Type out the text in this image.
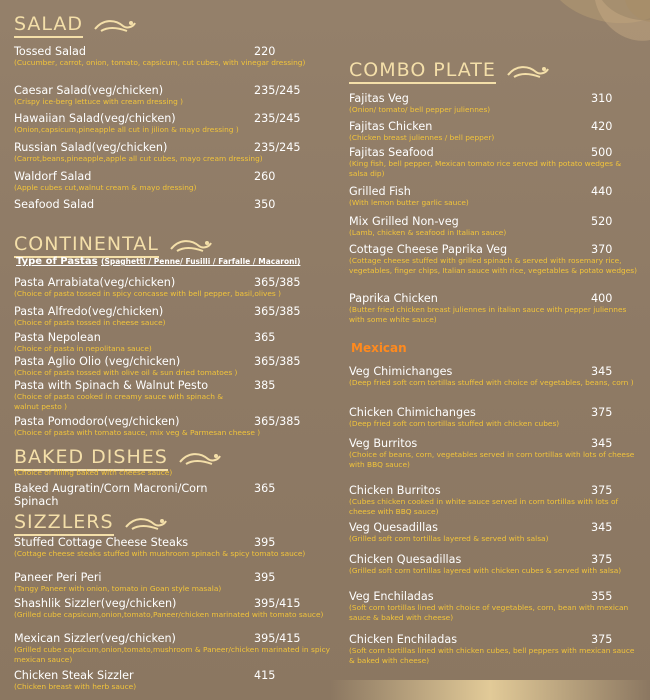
SALAD
Tossed Salad	220
(Cucumber, carrot, onion, tomato, capsicum, cut cubes, with vinegar dressing)
Caesar Salad(veg/chicken)	235/245
(Crispy ice-berg lettuce with cream dressing )
Hawaiian Salad(veg/chicken)	235/245
(Onion,capsicum,pineapple all cut in jilion & mayo dressing )
Russian Salad(veg/chicken)	235/245
(Carrot,beans,pineapple,apple all cut cubes, mayo cream dressing)
Waldorf Salad	260
(Apple cubes cut,walnut cream & mayo dressing)
Seafood Salad	350
CONTINENTAL
Type of Pastas (Spaghetti / Penne/ Fusilli / Farfalle / Macaroni)
Pasta Arrabiata(veg/chicken)	365/385
(Choice of pasta tossed in spicy concasse with bell pepper, basil,olives )
Pasta Alfredo(veg/chicken)	365/385
(Choice of pasta tossed in cheese sauce)
Pasta Nepolean	365
(Choice of pasta in nepolitana sauce)
Pasta Aglio Olio (veg/chicken)	365/385
(Choice of pasta tossed with olive oil & sun dried tomatoes )
Pasta with Spinach & Walnut Pesto	385
(Choice of pasta cooked in creamy sauce with spinach & walnut pesto )
Pasta Pomodoro(veg/chicken)	365/385
(Choice of pasta with tomato sauce, mix veg & Parmesan cheese )
BAKED DISHES
(Choice of filling baked with cheese sauce)
Baked Augratin/Corn Macroni/Corn Spinach
365
SIZZLERS
Stuffed Cottage Cheese Steaks	395
(Cottage cheese steaks stuffed with mushroom spinach & spicy tomato sauce)
Paneer Peri Peri	395
(Tangy Paneer with onion, tomato in Goan style masala)
Shashlik Sizzler(veg/chicken)	395/415
(Grilled cube capsicum,onion,tomato,Paneer/chicken marinated with tomato sauce)
Mexican Sizzler(veg/chicken)	395/415
(Grilled cube capsicum,onion,tomato,mushroom & Paneer/chicken marinated in spicy mexican sauce)
Chicken Steak Sizzler	415
(Chicken breast with herb sauce)
COMBO PLATE
Fajitas Veg	310
(Onion/ tomato/ bell pepper juliennes)
Fajitas Chicken	420
(Chicken breast juliennes / bell pepper)
Fajitas Seafood	500
(King fish, bell pepper, Mexican tomato rice served with potato wedges & salsa dip)
Grilled Fish	440
(With lemon butter garlic sauce)
Mix Grilled Non-veg	520
(Lamb, chicken & seafood in Italian sauce)
Cottage Cheese Paprika Veg	370
(Cottage cheese stuffed with grilled spinach & served with rosemary rice, vegetables, finger chips, Italian sauce with rice, vegetables & potato wedges)
Paprika Chicken	400
(Butter fried chicken breast juliennes in italian sauce with pepper juliennes with some white sauce)
Mexican
Veg Chimichanges	345
(Deep fried soft corn tortillas stuffed with choice of vegetables, beans, corn )
Chicken Chimichanges	375
(Deep fried soft corn tortillas stuffed with chicken cubes)
Veg Burritos	345
(Choice of beans, corn, vegetables served in corn tortillas with lots of cheese with BBQ sauce)
Chicken Burritos	375
(Cubes chicken cooked in white sauce served in corn tortillas with lots of cheese with BBQ sauce)
Veg Quesadillas	345
(Grilled soft corn tortillas layered & served with salsa)
Chicken Quesadillas	375
(Grilled soft corn tortillas layered with chicken cubes & served with salsa)
Veg Enchiladas	355
(Soft corn tortillas lined with choice of vegetables, corn, bean with mexican sauce & baked with cheese)
Chicken Enchiladas	375
(Soft corn tortillas lined with chicken cubes, bell peppers with mexican sauce & baked with cheese)
